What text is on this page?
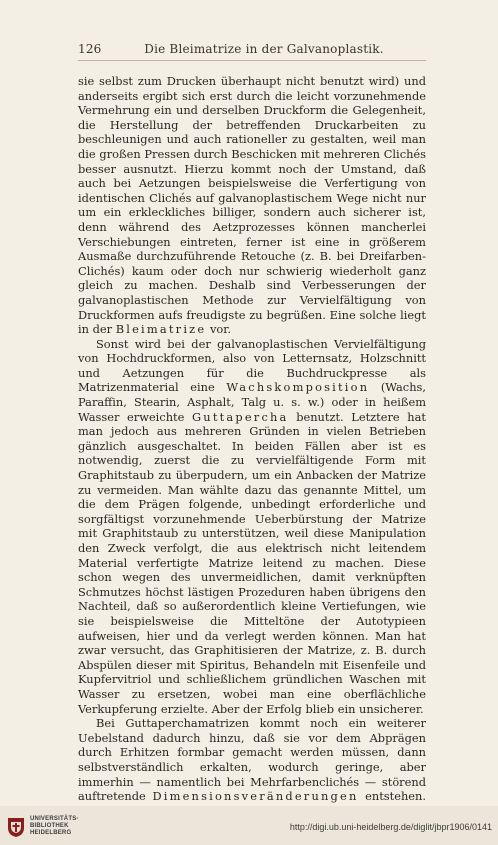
126	Die Bleimatrize in der Galvanoplastik.

sie selbst zum Drucken überhaupt nicht benutzt wird) und anderseits ergibt sich erst durch die leicht vorzunehmende Vermehrung ein und derselben Druckform die Gelegenheit, die Herstellung der betreffenden Druckarbeiten zu beschleunigen und auch rationeller zu gestalten, weil man die großen Pressen durch Beschicken mit mehreren Clichés besser ausnutzt. Hierzu kommt noch der Umstand, daß auch bei Aetzungen beispielsweise die Verfertigung von identischen Clichés auf galvanoplastischem Wege nicht nur um ein erkleckliches billiger, sondern auch sicherer ist, denn während des Aetzprozesses können mancherlei Verschiebungen eintreten, ferner ist eine in größerem Ausmaße durchzuführende Retouche (z. B. bei Dreifarben-Clichés) kaum oder doch nur schwierig wiederholt ganz gleich zu machen. Deshalb sind Verbesserungen der galvanoplastischen Methode zur Vervielfältigung von Druckformen aufs freudigste zu begrüßen. Eine solche liegt in der Bleimatrize vor.

Sonst wird bei der galvanoplastischen Vervielfältigung von Hochdruckformen, also von Letternsatz, Holzschnitt und Aetzungen für die Buchdruckpresse als Matrizenmaterial eine Wachskomposition (Wachs, Paraffin, Stearin, Asphalt, Talg u. s. w.) oder in heißem Wasser erweichte Guttapercha benutzt. Letztere hat man jedoch aus mehreren Gründen in vielen Betrieben gänzlich ausgeschaltet. In beiden Fällen aber ist es notwendig, zuerst die zu vervielfältigende Form mit Graphitstaub zu überpudern, um ein Anbacken der Matrize zu vermeiden. Man wählte dazu das genannte Mittel, um die dem Prägen folgende, unbedingt erforderliche und sorgfältigst vorzunehmende Ueberbürstung der Matrize mit Graphitstaub zu unterstützen, weil diese Manipulation den Zweck verfolgt, die aus elektrisch nicht leitendem Material verfertigte Matrize leitend zu machen. Diese schon wegen des unvermeidlichen, damit verknüpften Schmutzes höchst lästigen Prozeduren haben übrigens den Nachteil, daß so außerordentlich kleine Vertiefungen, wie sie beispielsweise die Mitteltöne der Autotypieen aufweisen, hier und da verlegt werden können. Man hat zwar versucht, das Graphitisieren der Matrize, z. B. durch Abspülen dieser mit Spiritus, Behandeln mit Eisenfeile und Kupfervitriol und schließlichem gründlichen Waschen mit Wasser zu ersetzen, wobei man eine oberflächliche Verkupferung erzielte. Aber der Erfolg blieb ein unsicherer.

Bei Guttaperchamatrizen kommt noch ein weiterer Uebelstand dadurch hinzu, daß sie vor dem Abprägen durch Erhitzen formbar gemacht werden müssen, dann selbstverständlich erkalten, wodurch geringe, aber immerhin — namentlich bei Mehrfarbenclichés — störend auftretende Dimensionsveränderungen entstehen.

UNIVERSITÄTS-
BIBLIOTHEK
HEIDELBERG
http://digi.ub.uni-heidelberg.de/diglit/jbpr1906/0141
